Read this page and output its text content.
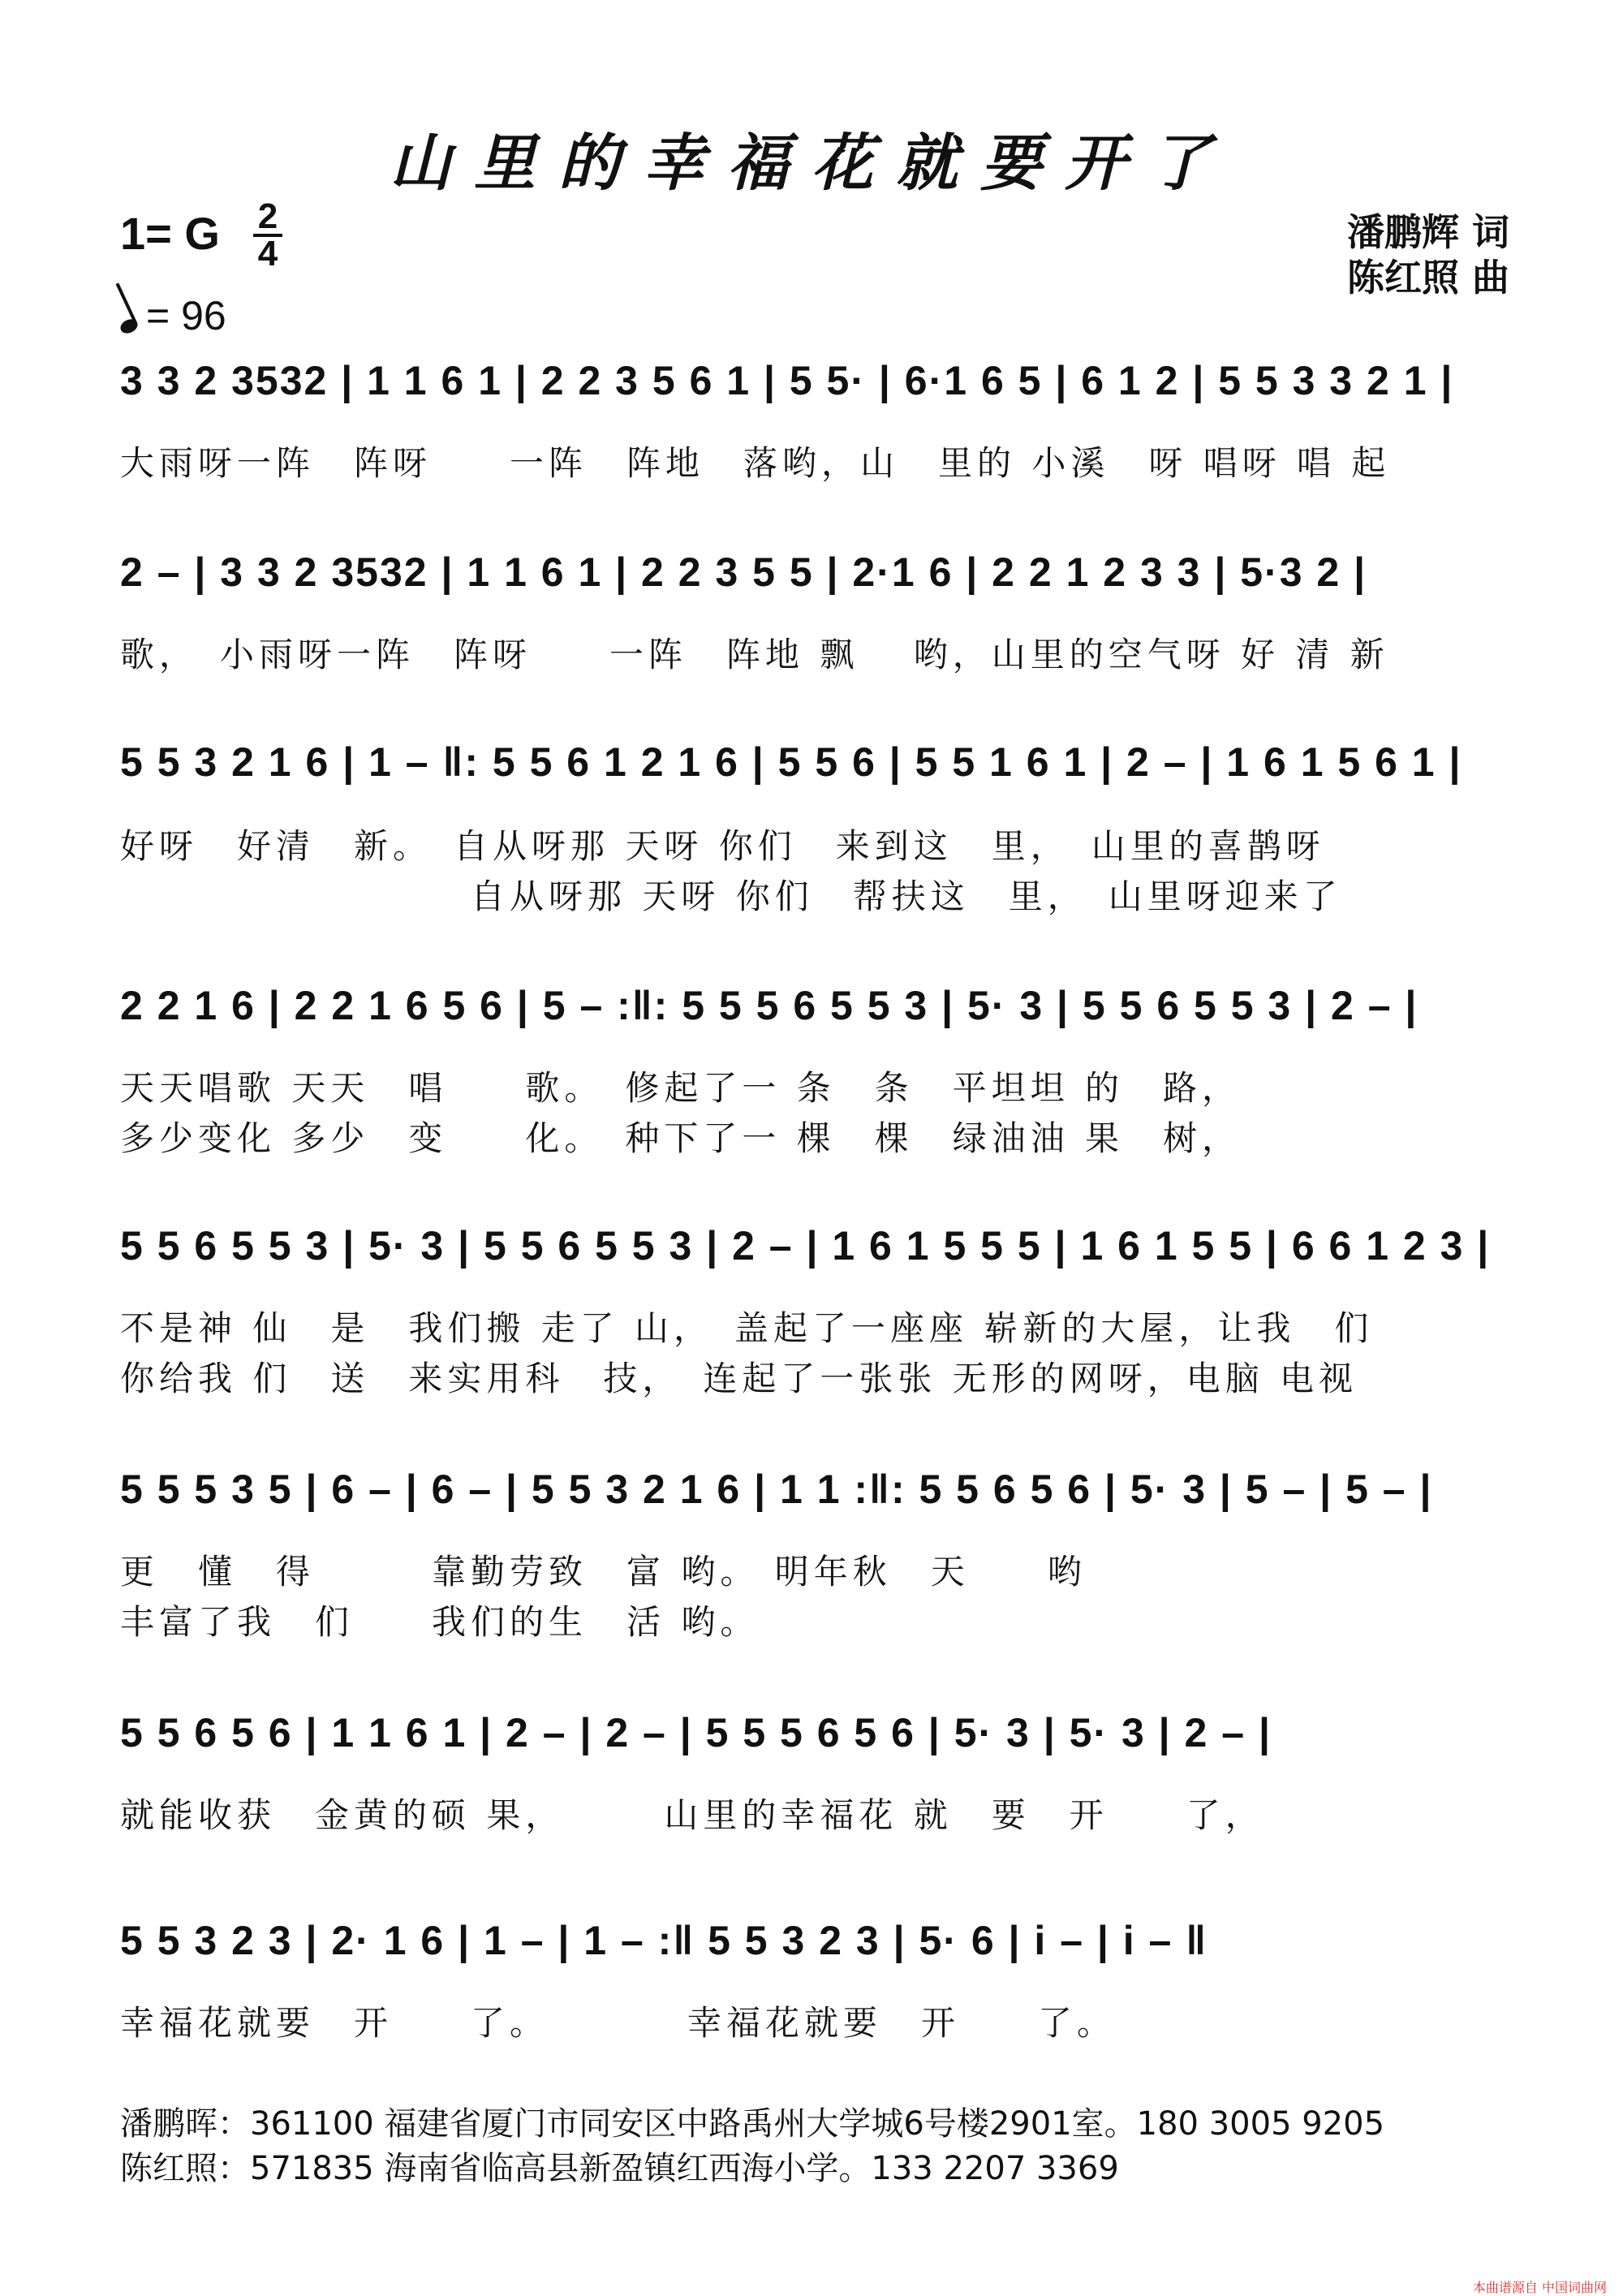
山里的幸福花就要开了
1= G 2
4
= 96
潘鹏辉 词
陈红照 曲
3 3 2 3532 | 1 1 6 1 | 2 2 3 5 6 1 | 5 5· | 6·1 6 5 | 6 1 2 | 5 5 3 3 2 1 |
大雨呀一阵　阵呀　　一阵　阵地　落哟，山　里的 小溪　呀 唱呀 唱 起
2 – | 3 3 2 3532 | 1 1 6 1 | 2 2 3 5 5 | 2·1 6 | 2 2 1 2 3 3 | 5·3 2 |
歌，　小雨呀一阵　阵呀　　一阵　阵地 飘　 哟，山里的空气呀 好 清 新
5 5 3 2 1 6 | 1 – ‖: 5 5 6 1 2 1 6 | 5 5 6 | 5 5 1 6 1 | 2 – | 1 6 1 5 6 1 |
好呀　好清　新。　自从呀那 天呀 你们　来到这　里，　山里的喜鹊呀
　　　　　　　　　自从呀那 天呀 你们　帮扶这　里，　山里呀迎来了
2 2 1 6 | 2 2 1 6 5 6 | 5 – :‖: 5 5 5 6 5 5 3 | 5· 3 | 5 5 6 5 5 3 | 2 – |
天天唱歌 天天　唱　　歌。　修起了一 条　条　平坦坦 的　路，
多少变化 多少　变　　化。　种下了一 棵　棵　绿油油 果　树，
5 5 6 5 5 3 | 5· 3 | 5 5 6 5 5 3 | 2 – | 1 6 1 5 5 5 | 1 6 1 5 5 | 6 6 1 2 3 |
不是神 仙　是　我们搬 走了 山，　盖起了一座座 崭新的大屋，让我　们
你给我 们　送　来实用科　技，　连起了一张张 无形的网呀，电脑 电视
5 5 5 3 5 | 6 – | 6 – | 5 5 3 2 1 6 | 1 1 :‖: 5 5 6 5 6 | 5· 3 | 5 – | 5 – |
更　懂　得　　　靠勤劳致　富 哟。 明年秋　天　　哟
丰富了我　们　　我们的生　活 哟。
5 5 6 5 6 | 1 1 6 1 | 2 – | 2 – | 5 5 5 6 5 6 | 5· 3 | 5· 3 | 2 – |
就能收获　金黄的硕 果，　　　山里的幸福花 就　要　开　　了，
5 5 3 2 3 | 2· 1 6 | 1 – | 1 – :‖ 5 5 3 2 3 | 5· 6 | i – | i – ‖
幸福花就要　开　　了。　　　　幸福花就要　开　　了。
潘鹏晖：361100 福建省厦门市同安区中路禹州大学城6号楼2901室。180 3005 9205
陈红照：571835 海南省临高县新盈镇红西海小学。133 2207 3369
本曲谱源自 中国词曲网
